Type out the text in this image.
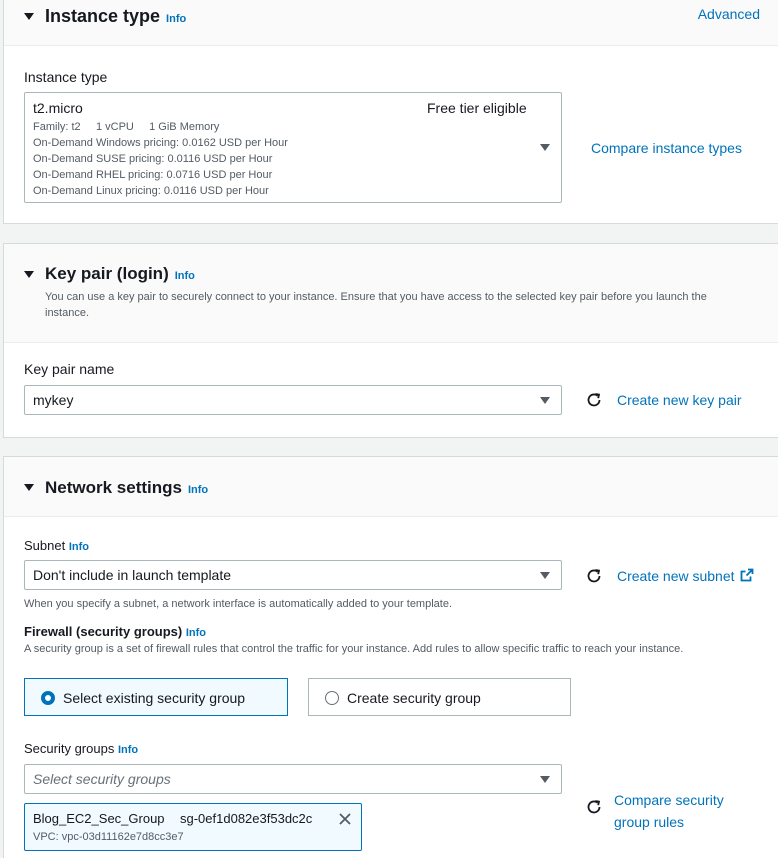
Instance type Info	Advanced
Instance type
t2.micro	Free tier eligible
Family: t2     1 vCPU     1 GiB Memory
On-Demand Windows pricing: 0.0162 USD per Hour
On-Demand SUSE pricing: 0.0116 USD per Hour
On-Demand RHEL pricing: 0.0716 USD per Hour
On-Demand Linux pricing: 0.0116 USD per Hour
Compare instance types
Key pair (login) Info
You can use a key pair to securely connect to your instance. Ensure that you have access to the selected key pair before you launch the instance.
Key pair name
mykey	Create new key pair
Network settings Info
Subnet Info
Don't include in launch template	Create new subnet
When you specify a subnet, a network interface is automatically added to your template.
Firewall (security groups) Info
A security group is a set of firewall rules that control the traffic for your instance. Add rules to allow specific traffic to reach your instance.
Select existing security group	Create security group
Security groups Info
Select security groups
Blog_EC2_Sec_Group sg-0ef1d082e3f53dc2c
VPC: vpc-03d11162e7d8cc3e7
Compare security
group rules
